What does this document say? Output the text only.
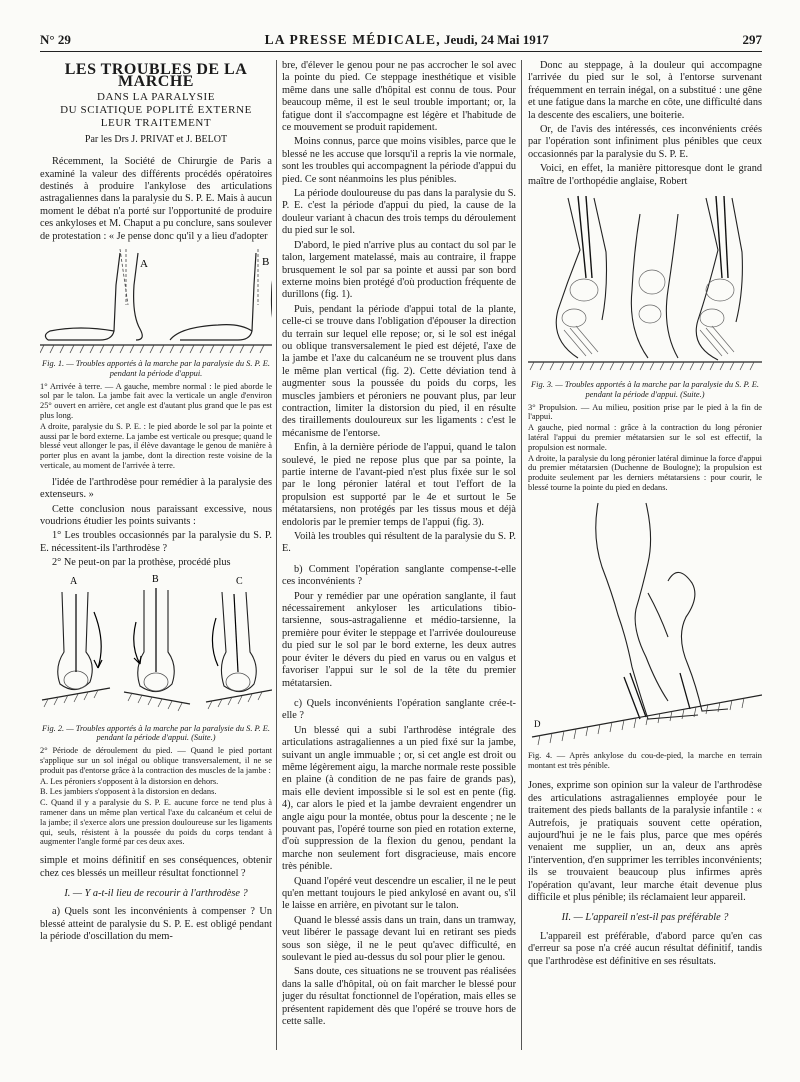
N° 29	LA PRESSE MÉDICALE, Jeudi, 24 Mai 1917	297
LES TROUBLES DE LA MARCHE
DANS LA PARALYSIE
DU SCIATIQUE POPLITÉ EXTERNE
LEUR TRAITEMENT
Par les Drs J. PRIVAT et J. BELOT

Récemment, la Société de Chirurgie de Paris a examiné la valeur des différents procédés opératoires destinés à produire l'ankylose des articulations astragaliennes dans la paralysie du S. P. E. Mais à aucun moment le débat n'a porté sur l'opportunité de produire ces ankyloses et M. Chaput a pu conclure, sans soulever de protestation : « Je pense donc qu'il y a lieu d'adopter

A	B
Fig. 1. — Troubles apportés à la marche par la paralysie du S. P. E. pendant la période d'appui.
1° Arrivée à terre. — A gauche, membre normal : le pied aborde le sol par le talon. La jambe fait avec la verticale un angle d'environ 25° ouvert en arrière, cet angle est d'autant plus grand que le pas est plus long.
A droite, paralysie du S. P. E. : le pied aborde le sol par la pointe et aussi par le bord externe. La jambe est verticale ou presque; quand le blessé veut allonger le pas, il élève davantage le genou de manière à porter plus en avant la jambe, dont la direction reste voisine de la verticale, au moment de l'arrivée à terre.

l'idée de l'arthrodèse pour remédier à la paralysie des extenseurs. »

Cette conclusion nous paraissant excessive, nous voudrions étudier les points suivants :

1° Les troubles occasionnés par la paralysie du S. P. E. nécessitent-ils l'arthrodèse ?

2° Ne peut-on par la prothèse, procédé plus

A	B	C
Fig. 2. — Troubles apportés à la marche par la paralysie du S. P. E. pendant la période d'appui. (Suite.)
2° Période de déroulement du pied. — Quand le pied portant s'applique sur un sol inégal ou oblique transversalement, il ne se produit pas d'entorse grâce à la contraction des muscles de la jambe :
A. Les péroniers s'opposent à la distorsion en dehors.
B. Les jambiers s'opposent à la distorsion en dedans.
C. Quand il y a paralysie du S. P. E. aucune force ne tend plus à ramener dans un même plan vertical l'axe du calcanéum et celui de la jambe; il s'exerce alors une pression douloureuse sur les ligaments qui, seuls, résistent à la poussée du poids du corps tendant à augmenter l'angle formé par ces deux axes.

simple et moins définitif en ses conséquences, obtenir chez ces blessés un meilleur résultat fonctionnel ?

I. — Y a-t-il lieu de recourir à l'arthrodèse ?

a) Quels sont les inconvénients à compenser ? Un blessé atteint de paralysie du S. P. E. est obligé pendant la période d'oscillation du mem-

bre, d'élever le genou pour ne pas accrocher le sol avec la pointe du pied. Ce steppage inesthétique et visible même dans une salle d'hôpital est connu de tous. Pour beaucoup même, il est le seul trouble important; or, la fatigue dont il s'accompagne est légère et l'habitude de ce mouvement se produit rapidement.

Moins connus, parce que moins visibles, parce que le blessé ne les accuse que lorsqu'il a repris la vie normale, sont les troubles qui accompagnent la période d'appui du pied. Ce sont néanmoins les plus pénibles.

La période douloureuse du pas dans la paralysie du S. P. E. c'est la période d'appui du pied, la cause de la douleur variant à chacun des trois temps du déroulement du pied sur le sol.

D'abord, le pied n'arrive plus au contact du sol par le talon, largement matelassé, mais au contraire, il frappe brusquement le sol par sa pointe et aussi par son bord externe moins bien protégé d'où production fréquente de durillons (fig. 1).

Puis, pendant la période d'appui total de la plante, celle-ci se trouve dans l'obligation d'épouser la direction du terrain sur lequel elle repose; or, si le sol est inégal ou oblique transversalement le pied est déjeté, l'axe de la jambe et l'axe du calcanéum ne se trouvent plus dans le même plan vertical (fig. 2). Cette déviation tend à augmenter sous la poussée du poids du corps, les muscles jambiers et péroniers ne pouvant plus, par leur contraction, limiter la distorsion du pied, il en résulte des tiraillements douloureux sur les ligaments : c'est le mécanisme de l'entorse.

Enfin, à la dernière période de l'appui, quand le talon soulevé, le pied ne repose plus que par sa pointe, la partie interne de l'avant-pied n'est plus fixée sur le sol par le long péronier latéral et tout l'effort de la propulsion est supporté par le 4e et surtout le 5e métatarsiens, non protégés par les tissus mous et déjà endoloris par le premier temps de l'appui (fig. 3).

Voilà les troubles qui résultent de la paralysie du S. P. E.

b) Comment l'opération sanglante compense-t-elle ces inconvénients ?

Pour y remédier par une opération sanglante, il faut nécessairement ankyloser les articulations tibio-tarsienne, sous-astragalienne et médio-tarsienne, la première pour éviter le steppage et l'arrivée douloureuse du pied sur le sol par le bord externe, les deux autres pour éviter le dévers du pied en varus ou en valgus et favoriser l'appui sur le sol de la tête du premier métatarsien.

c) Quels inconvénients l'opération sanglante crée-t-elle ?

Un blessé qui a subi l'arthrodèse intégrale des articulations astragaliennes a un pied fixé sur la jambe, suivant un angle immuable ; or, si cet angle est droit ou même légèrement aigu, la marche normale reste possible en plaine (à condition de ne pas faire de grands pas), mais elle devient impossible si le sol est en pente (fig. 4), car alors le pied et la jambe devraient engendrer un angle aigu pour la montée, obtus pour la descente ; ne le pouvant pas, l'opéré tourne son pied en rotation externe, d'où suppression de la flexion du genou, pendant la marche non seulement fort disgracieuse, mais encore très pénible.

Quand l'opéré veut descendre un escalier, il ne le peut qu'en mettant toujours le pied ankylosé en avant ou, s'il le laisse en arrière, en pivotant sur le talon.

Quand le blessé assis dans un train, dans un tramway, veut libérer le passage devant lui en retirant ses pieds sous son siège, il ne le peut qu'avec difficulté, en soulevant le pied au-dessus du sol pour plier le genou.

Sans doute, ces situations ne se trouvent pas réalisées dans la salle d'hôpital, où on fait marcher le blessé pour juger du résultat fonctionnel de l'opération, mais elles se présentent rapidement dès que l'opéré se trouve hors de cette salle.

Donc au steppage, à la douleur qui accompagne l'arrivée du pied sur le sol, à l'entorse survenant fréquemment en terrain inégal, on a substitué : une gêne et une fatigue dans la marche en côte, une difficulté dans la descente des escaliers, une boiterie.

Or, de l'avis des intéressés, ces inconvénients créés par l'opération sont infiniment plus pénibles que ceux occasionnés par la paralysie du S. P. E.

Voici, en effet, la manière pittoresque dont le grand maître de l'orthopédie anglaise, Robert

Fig. 3. — Troubles apportés à la marche par la paralysie du S. P. E. pendant la période d'appui. (Suite.)
3° Propulsion. — Au milieu, position prise par le pied à la fin de l'appui.
A gauche, pied normal : grâce à la contraction du long péronier latéral l'appui du premier métatarsien sur le sol est effectif, la propulsion est normale.
A droite, la paralysie du long péronier latéral diminue la force d'appui du premier métatarsien (Duchenne de Boulogne); la propulsion est produite seulement par les derniers métatarsiens : pour courir, le blessé tourne la pointe du pied en dedans.
D
Fig. 4. — Après ankylose du cou-de-pied, la marche en terrain montant est très pénible.

Jones, exprime son opinion sur la valeur de l'arthrodèse des articulations astragaliennes employée pour le traitement des pieds ballants de la paralysie infantile : « Autrefois, je pratiquais souvent cette opération, aujourd'hui je ne le fais plus, parce que mes opérés venaient me supplier, un an, deux ans après l'intervention, d'en supprimer les terribles inconvénients; ils se trouvaient beaucoup plus infirmes après l'opération qu'avant, leur marche était devenue plus difficile et plus pénible; ils réclamaient leur appareil.

II. — L'appareil n'est-il pas préférable ?

L'appareil est préférable, d'abord parce qu'en cas d'erreur sa pose n'a créé aucun résultat définitif, tandis que l'arthrodèse est définitive en ses résultats.
